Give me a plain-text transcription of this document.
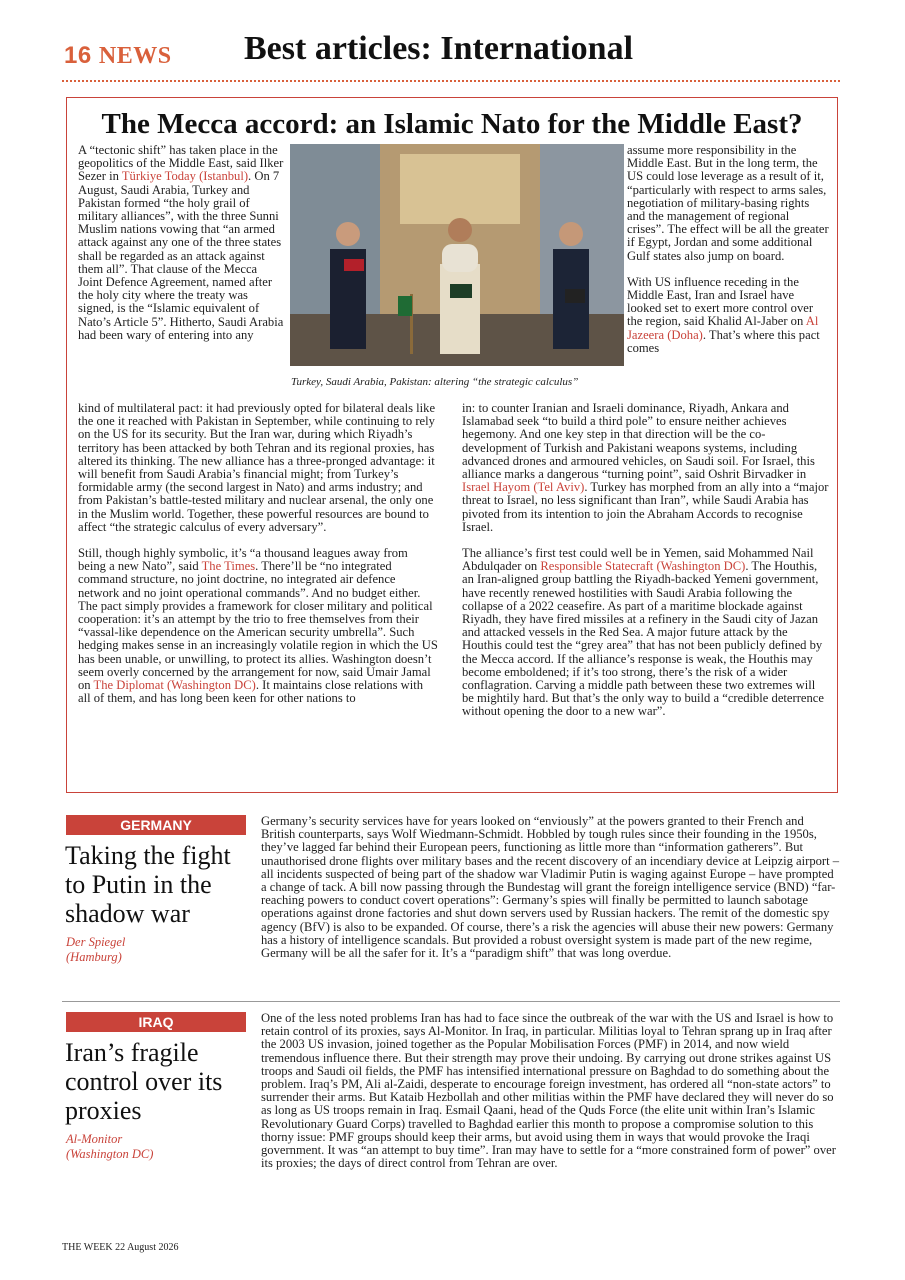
16 NEWS Best articles: International
The Mecca accord: an Islamic Nato for the Middle East?

A “tectonic shift” has taken place in the geopolitics of the Middle East, said Ilker Sezer in Türkiye Today (Istanbul). On 7 August, Saudi Arabia, Turkey and Pakistan formed “the holy grail of military alliances”, with the three Sunni Muslim nations vowing that “an armed attack against any one of the three states shall be regarded as an attack against them all”. That clause of the Mecca Joint Defence Agreement, named after the holy city where the treaty was signed, is the “Islamic equivalent of Nato’s Article 5”. Hitherto, Saudi Arabia had been wary of entering into any

Turkey, Saudi Arabia, Pakistan: altering “the strategic calculus”

assume more responsibility in the Middle East. But in the long term, the US could lose leverage as a result of it, “particularly with respect to arms sales, negotiation of military-basing rights and the management of regional crises”. The effect will be all the greater if Egypt, Jordan and some additional Gulf states also jump on board.

With US influence receding in the Middle East, Iran and Israel have looked set to exert more control over the region, said Khalid Al-Jaber on Al Jazeera (Doha). That’s where this pact comes

kind of multilateral pact: it had previously opted for bilateral deals like the one it reached with Pakistan in September, while continuing to rely on the US for its security. But the Iran war, during which Riyadh’s territory has been attacked by both Tehran and its regional proxies, has altered its thinking. The new alliance has a three-pronged advantage: it will benefit from Saudi Arabia’s financial might; from Turkey’s formidable army (the second largest in Nato) and arms industry; and from Pakistan’s battle-tested military and nuclear arsenal, the only one in the Muslim world. Together, these powerful resources are bound to affect “the strategic calculus of every adversary”.

Still, though highly symbolic, it’s “a thousand leagues away from being a new Nato”, said The Times. There’ll be “no integrated command structure, no joint doctrine, no integrated air defence network and no joint operational commands”. And no budget either. The pact simply provides a framework for closer military and political cooperation: it’s an attempt by the trio to free themselves from their “vassal-like dependence on the American security umbrella”. Such hedging makes sense in an increasingly volatile region in which the US has been unable, or unwilling, to protect its allies. Washington doesn’t seem overly concerned by the arrangement for now, said Umair Jamal on The Diplomat (Washington DC). It maintains close relations with all of them, and has long been keen for other nations to

in: to counter Iranian and Israeli dominance, Riyadh, Ankara and Islamabad seek “to build a third pole” to ensure neither achieves hegemony. And one key step in that direction will be the co-development of Turkish and Pakistani weapons systems, including advanced drones and armoured vehicles, on Saudi soil. For Israel, this alliance marks a dangerous “turning point”, said Oshrit Birvadker in Israel Hayom (Tel Aviv). Turkey has morphed from an ally into a “major threat to Israel, no less significant than Iran”, while Saudi Arabia has pivoted from its intention to join the Abraham Accords to recognise Israel.

The alliance’s first test could well be in Yemen, said Mohammed Nail Abdulqader on Responsible Statecraft (Washington DC). The Houthis, an Iran-aligned group battling the Riyadh-backed Yemeni government, have recently renewed hostilities with Saudi Arabia following the collapse of a 2022 ceasefire. As part of a maritime blockade against Riyadh, they have fired missiles at a refinery in the Saudi city of Jazan and attacked vessels in the Red Sea. A major future attack by the Houthis could test the “grey area” that has not been publicly defined by the Mecca accord. If the alliance’s response is weak, the Houthis may become emboldened; if it’s too strong, there’s the risk of a wider conflagration. Carving a middle path between these two extremes will be mightily hard. But that’s the only way to build a “credible deterrence without opening the door to a new war”.

GERMANY
Taking the fight to Putin in the shadow war
Der Spiegel (Hamburg)
Germany’s security services have for years looked on “enviously” at the powers granted to their French and British counterparts, says Wolf Wiedmann-Schmidt. Hobbled by tough rules since their founding in the 1950s, they’ve lagged far behind their European peers, functioning as little more than “information gatherers”. But unauthorised drone flights over military bases and the recent discovery of an incendiary device at Leipzig airport – all incidents suspected of being part of the shadow war Vladimir Putin is waging against Europe – have prompted a change of tack. A bill now passing through the Bundestag will grant the foreign intelligence service (BND) “far-reaching powers to conduct covert operations”: Germany’s spies will finally be permitted to launch sabotage operations against drone factories and shut down servers used by Russian hackers. The remit of the domestic spy agency (BfV) is also to be expanded. Of course, there’s a risk the agencies will abuse their new powers: Germany has a history of intelligence scandals. But provided a robust oversight system is made part of the new regime, Germany will be all the safer for it. It’s a “paradigm shift” that was long overdue.
IRAQ
Iran’s fragile control over its proxies
Al-Monitor (Washington DC)
One of the less noted problems Iran has had to face since the outbreak of the war with the US and Israel is how to retain control of its proxies, says Al-Monitor. In Iraq, in particular. Militias loyal to Tehran sprang up in Iraq after the 2003 US invasion, joined together as the Popular Mobilisation Forces (PMF) in 2014, and now wield tremendous influence there. But their strength may prove their undoing. By carrying out drone strikes against US troops and Saudi oil fields, the PMF has intensified international pressure on Baghdad to do something about the problem. Iraq’s PM, Ali al-Zaidi, desperate to encourage foreign investment, has ordered all “non-state actors” to surrender their arms. But Kataib Hezbollah and other militias within the PMF have declared they will never do so as long as US troops remain in Iraq. Esmail Qaani, head of the Quds Force (the elite unit within Iran’s Islamic Revolutionary Guard Corps) travelled to Baghdad earlier this month to propose a compromise solution to this thorny issue: PMF groups should keep their arms, but avoid using them in ways that would provoke the Iraqi government. It was “an attempt to buy time”. Iran may have to settle for a “more constrained form of power” over its proxies; the days of direct control from Tehran are over.
THE WEEK 22 August 2026
